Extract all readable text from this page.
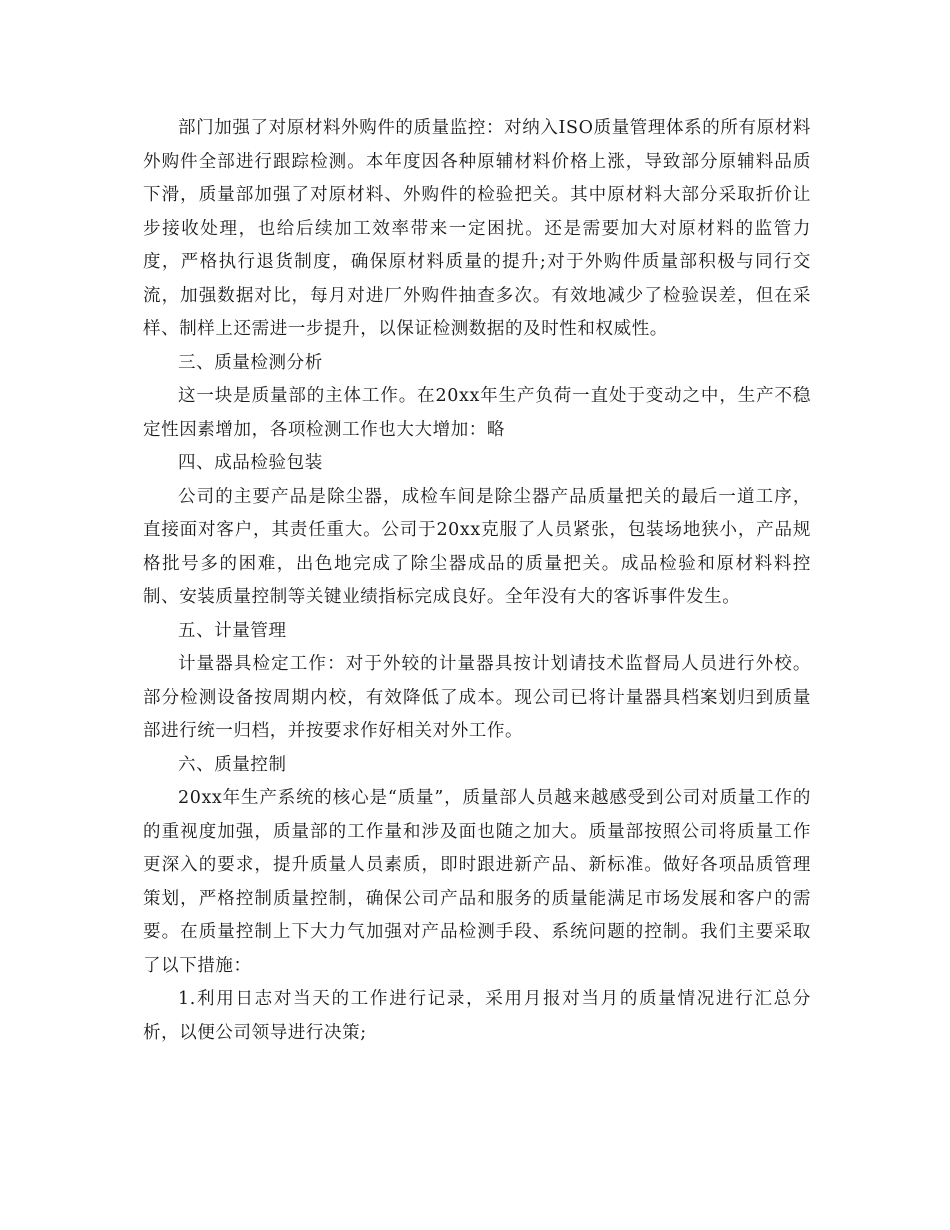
部门加强了对原材料外购件的质量监控：对纳入ISO质量管理体系的所有原材料外购件全部进行跟踪检测。本年度因各种原辅材料价格上涨，导致部分原辅料品质下滑，质量部加强了对原材料、外购件的检验把关。其中原材料大部分采取折价让步接收处理，也给后续加工效率带来一定困扰。还是需要加大对原材料的监管力度，严格执行退货制度，确保原材料质量的提升;对于外购件质量部积极与同行交流，加强数据对比，每月对进厂外购件抽查多次。有效地减少了检验误差，但在采样、制样上还需进一步提升，以保证检测数据的及时性和权威性。

三、质量检测分析

这一块是质量部的主体工作。在20xx年生产负荷一直处于变动之中，生产不稳定性因素增加，各项检测工作也大大增加：略

四、成品检验包装

公司的主要产品是除尘器，成检车间是除尘器产品质量把关的最后一道工序，直接面对客户，其责任重大。公司于20xx克服了人员紧张，包装场地狭小，产品规格批号多的困难，出色地完成了除尘器成品的质量把关。成品检验和原材料料控制、安装质量控制等关键业绩指标完成良好。全年没有大的客诉事件发生。

五、计量管理

计量器具检定工作：对于外较的计量器具按计划请技术监督局人员进行外校。部分检测设备按周期内校，有效降低了成本。现公司已将计量器具档案划归到质量部进行统一归档，并按要求作好相关对外工作。

六、质量控制

20xx年生产系统的核心是“质量”，质量部人员越来越感受到公司对质量工作的的重视度加强，质量部的工作量和涉及面也随之加大。质量部按照公司将质量工作更深入的要求，提升质量人员素质，即时跟进新产品、新标准。做好各项品质管理策划，严格控制质量控制，确保公司产品和服务的质量能满足市场发展和客户的需要。在质量控制上下大力气加强对产品检测手段、系统问题的控制。我们主要采取了以下措施：

1.利用日志对当天的工作进行记录，采用月报对当月的质量情况进行汇总分析，以便公司领导进行决策;
